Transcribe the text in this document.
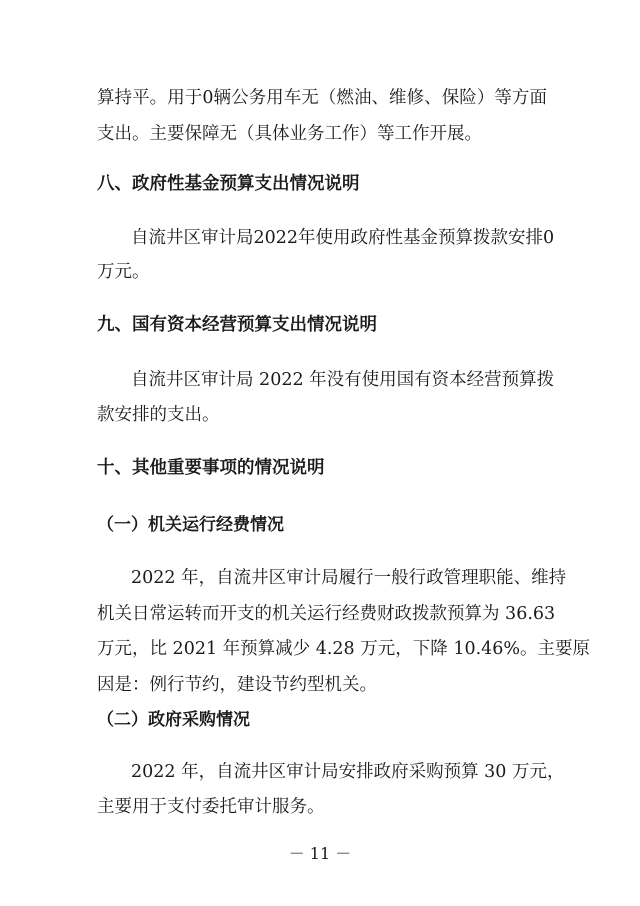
算持平。用于0辆公务用车无（燃油、维修、保险）等方面
支出。主要保障无（具体业务工作）等工作开展。
八、政府性基金预算支出情况说明
自流井区审计局2022年使用政府性基金预算拨款安排0
万元。
九、国有资本经营预算支出情况说明
自流井区审计局 2022 年没有使用国有资本经营预算拨
款安排的支出。
十、其他重要事项的情况说明
（一）机关运行经费情况
2022 年，自流井区审计局履行一般行政管理职能、维持
机关日常运转而开支的机关运行经费财政拨款预算为 36.63
万元，比 2021 年预算减少 4.28 万元，下降 10.46%。主要原
因是：例行节约，建设节约型机关。
（二）政府采购情况
2022 年，自流井区审计局安排政府采购预算 30 万元，
主要用于支付委托审计服务。
－ 11 －
